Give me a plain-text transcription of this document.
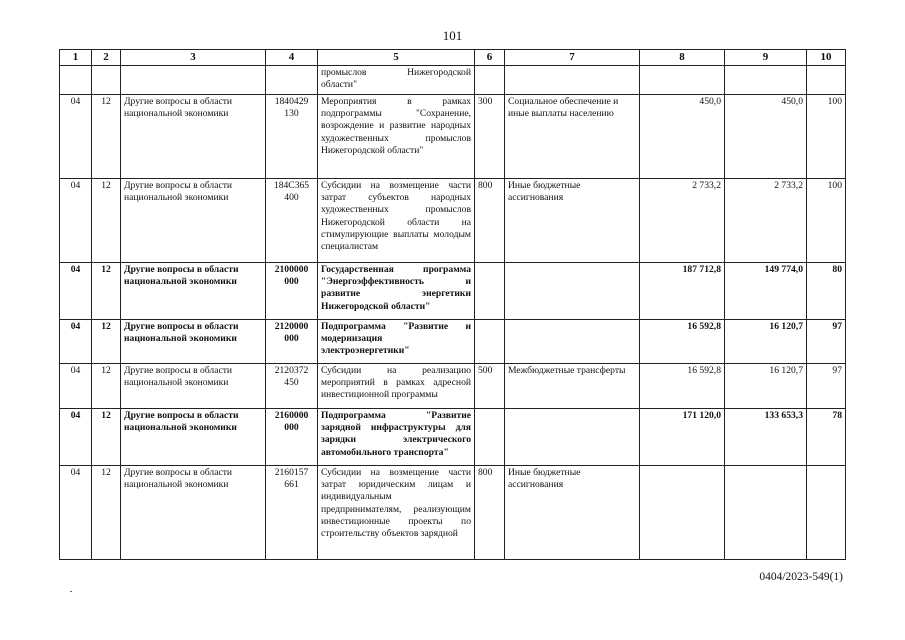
101
1	2	3	4	5	6	7	8	9	10
				промыслов Нижегородской области"					
04	12	Другие вопросы в области национальной экономики	1840429 130	Мероприятия в рамках подпрограммы "Сохранение, возрождение и развитие народных художественных промыслов Нижегородской области"	300	Социальное обеспечение и иные выплаты населению	450,0	450,0	100
04	12	Другие вопросы в области национальной экономики	184С365 400	Субсидии на возмещение части затрат субъектов народных художественных промыслов Нижегородской области на стимулирующие выплаты молодым специалистам	800	Иные бюджетные ассигнования	2 733,2	2 733,2	100
04	12	Другие вопросы в области национальной экономики	2100000 000	Государственная программа "Энергоэффективность и развитие энергетики Нижегородской области"			187 712,8	149 774,0	80
04	12	Другие вопросы в области национальной экономики	2120000 000	Подпрограмма "Развитие и модернизация электроэнергетики"			16 592,8	16 120,7	97
04	12	Другие вопросы в области национальной экономики	2120372 450	Субсидии на реализацию мероприятий в рамках адресной инвестиционной программы	500	Межбюджетные трансферты	16 592,8	16 120,7	97
04	12	Другие вопросы в области национальной экономики	2160000 000	Подпрограмма "Развитие зарядной инфраструктуры для зарядки электрического автомобильного транспорта"			171 120,0	133 653,3	78
04	12	Другие вопросы в области национальной экономики	2160157 661	Субсидии на возмещение части затрат юридическим лицам и индивидуальным предпринимателям, реализующим инвестиционные проекты по строительству объектов зарядной	800	Иные бюджетные ассигнования			
0404/2023-549(1)
